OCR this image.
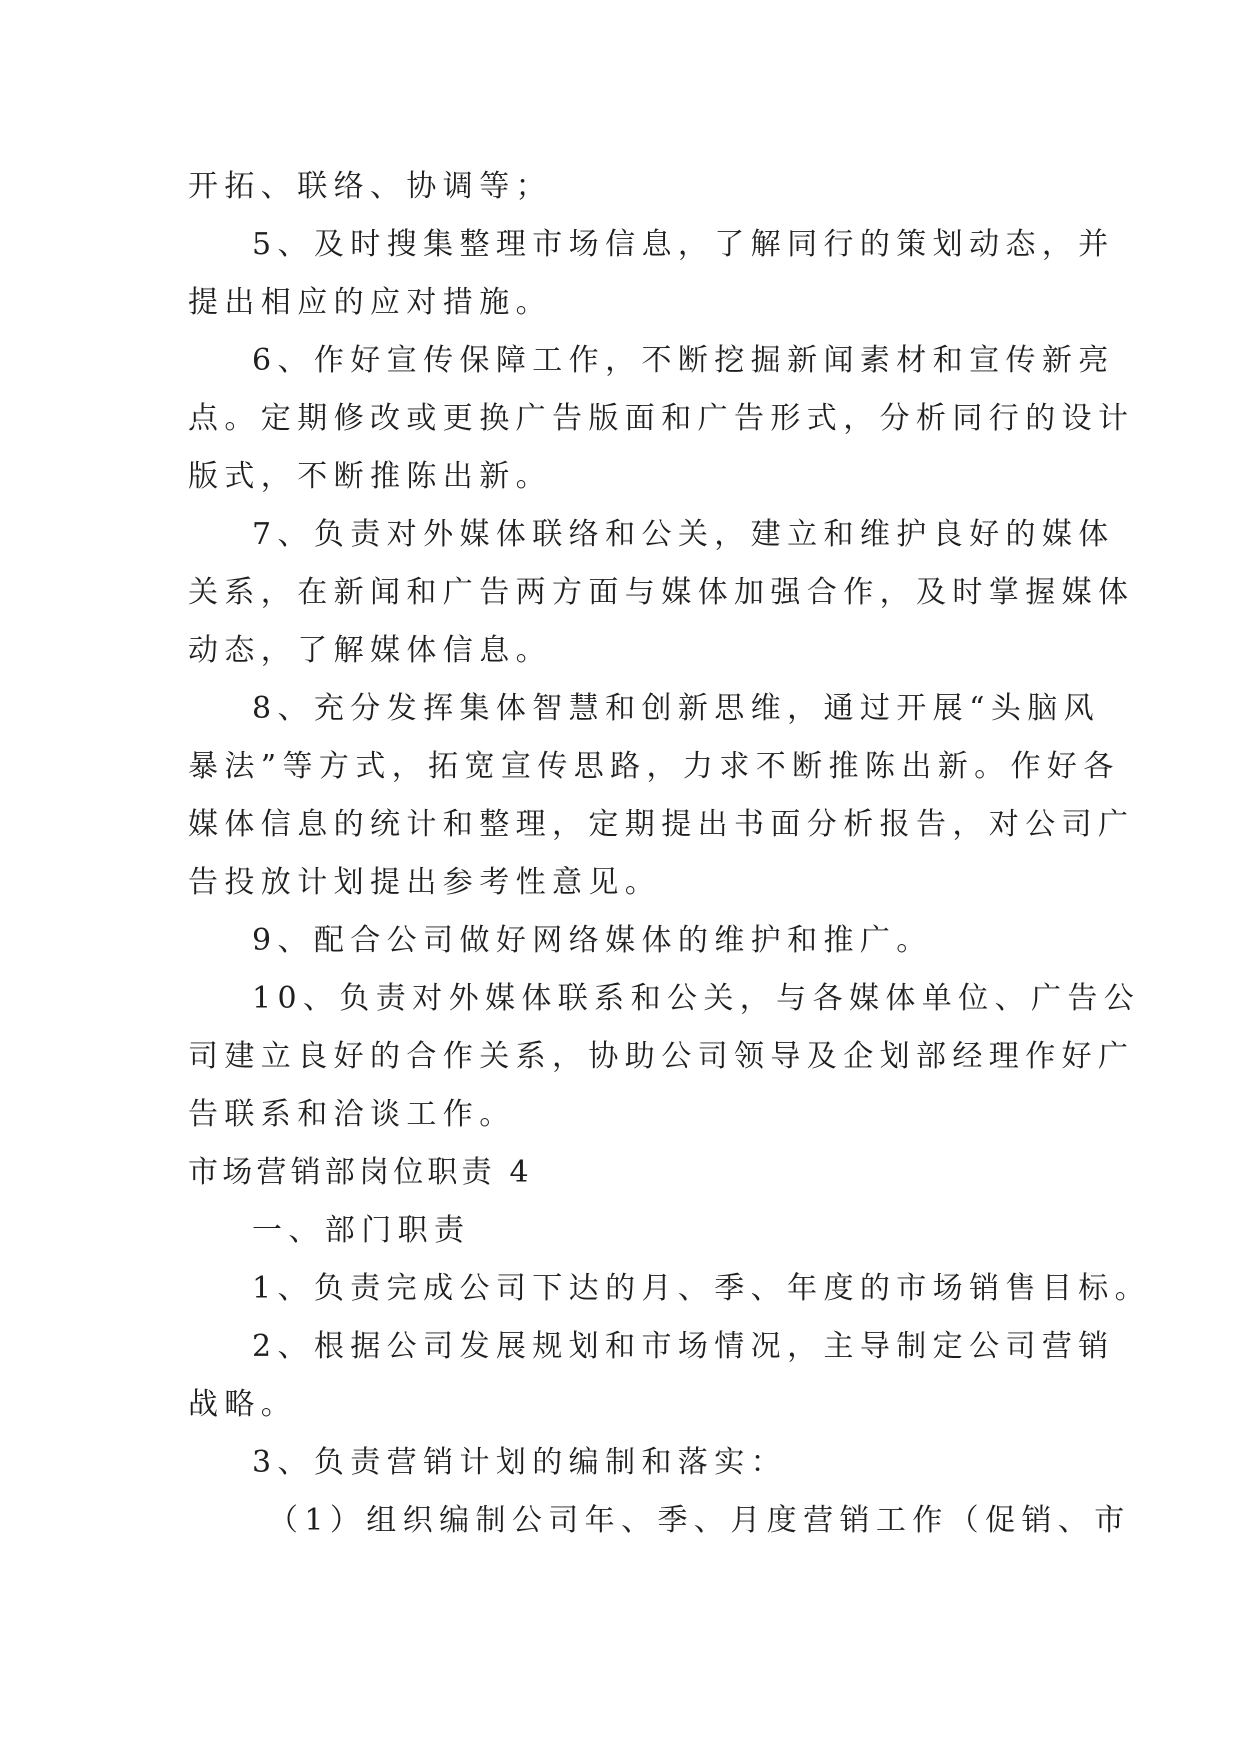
开拓、联络、协调等；

5、及时搜集整理市场信息，了解同行的策划动态，并

提出相应的应对措施。

6、作好宣传保障工作，不断挖掘新闻素材和宣传新亮

点。定期修改或更换广告版面和广告形式，分析同行的设计

版式，不断推陈出新。

7、负责对外媒体联络和公关，建立和维护良好的媒体

关系，在新闻和广告两方面与媒体加强合作，及时掌握媒体

动态，了解媒体信息。

8、充分发挥集体智慧和创新思维，通过开展“头脑风

暴法”等方式，拓宽宣传思路，力求不断推陈出新。作好各

媒体信息的统计和整理，定期提出书面分析报告，对公司广

告投放计划提出参考性意见。

9、配合公司做好网络媒体的维护和推广。

10、负责对外媒体联系和公关，与各媒体单位、广告公

司建立良好的合作关系，协助公司领导及企划部经理作好广

告联系和洽谈工作。

市场营销部岗位职责 4

一、部门职责

1、负责完成公司下达的月、季、年度的市场销售目标。

2、根据公司发展规划和市场情况，主导制定公司营销

战略。

3、负责营销计划的编制和落实：

（1）组织编制公司年、季、月度营销工作（促销、市
